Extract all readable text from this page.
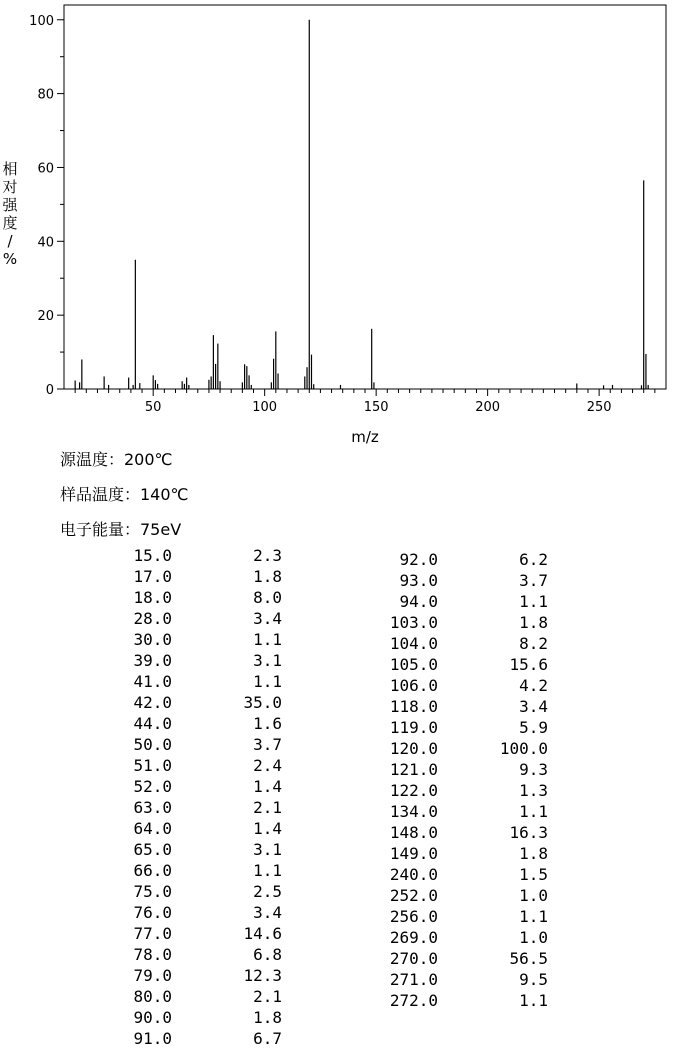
50	100	150	200	250
0
20
40
60
80
100
m/z
相
对
强
度
/
%
源温度：200℃
样品温度：140℃
电子能量：75eV
15.0	2.3
17.0	1.8
18.0	8.0
28.0	3.4
30.0	1.1
39.0	3.1
41.0	1.1
42.0	35.0
44.0	1.6
50.0	3.7
51.0	2.4
52.0	1.4
63.0	2.1
64.0	1.4
65.0	3.1
66.0	1.1
75.0	2.5
76.0	3.4
77.0	14.6
78.0	6.8
79.0	12.3
80.0	2.1
90.0	1.8
91.0	6.7
92.0	6.2
93.0	3.7
94.0	1.1
103.0	1.8
104.0	8.2
105.0	15.6
106.0	4.2
118.0	3.4
119.0	5.9
120.0	100.0
121.0	9.3
122.0	1.3
134.0	1.1
148.0	16.3
149.0	1.8
240.0	1.5
252.0	1.0
256.0	1.1
269.0	1.0
270.0	56.5
271.0	9.5
272.0	1.1
